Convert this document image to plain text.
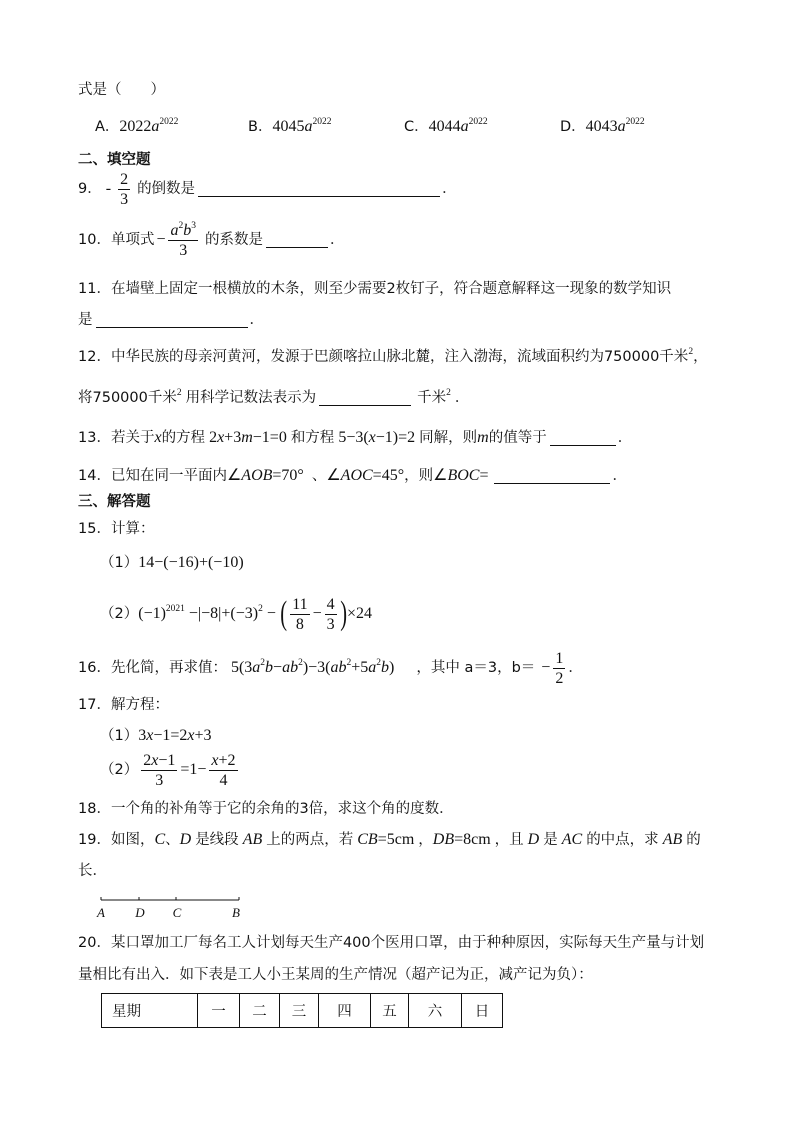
式是（　　）
A． $2022a^{2022}$	B． $4045a^{2022}$	C． $4044a^{2022}$	D． $4043a^{2022}$
二、填空题
9． - $\frac{2}{3}$ 的倒数是	．
10． 单项式 − $\frac{a^2b^3}{3}$ 的系数是	．
11．在墙壁上固定一根横放的木条，则至少需要2枚钉子，符合题意解释这一现象的数学知识
是	．
12．中华民族的母亲河黄河，发源于巴颜喀拉山脉北麓，注入渤海，流域面积约为750000千米$^2$，
将750000千米$^2$ 用科学记数法表示为	千米$^2$ ．
13． 若关于 x 的方程 2x+3m−1=0 和方程 5−3(x−1)=2 同解，则 m 的值等于	．
14． 已知在同一平面内 ∠AOB=70° 、 ∠AOC=45° ，则 ∠BOC=	．
三、解答题
15．计算：
（1） 14−(−16)+(−10)
（2） $(-1)^{2021} -|-8|+(-3)^2$ − ( $\frac{11}{8} - \frac{4}{3}$ ) ×24
16．先化简，再求值： $5(3a^2b-ab^2)-3(ab^2+5a^2b)$ ，其中 a＝3，$b= - \frac{1}{2}$ ．
17．解方程：
（1） 3x−1=2x+3
$(2) \frac{2x-1}{3} =1- \frac{x+2}{4}$
18．一个角的补角等于它的余角的3倍，求这个角的度数．
19．如图， C 、 D 是线段 AB 上的两点，若 CB =5cm ， DB =8cm ，且 D 是 AC 的中点，求 AB 的
长．
A D C	B
20．某口罩加工厂每名工人计划每天生产400个医用口罩，由于种种原因，实际每天生产量与计划
量相比有出入．如下表是工人小王某周的生产情况（超产记为正，减产记为负）：
星期	一	二	三	四	五	六	日
